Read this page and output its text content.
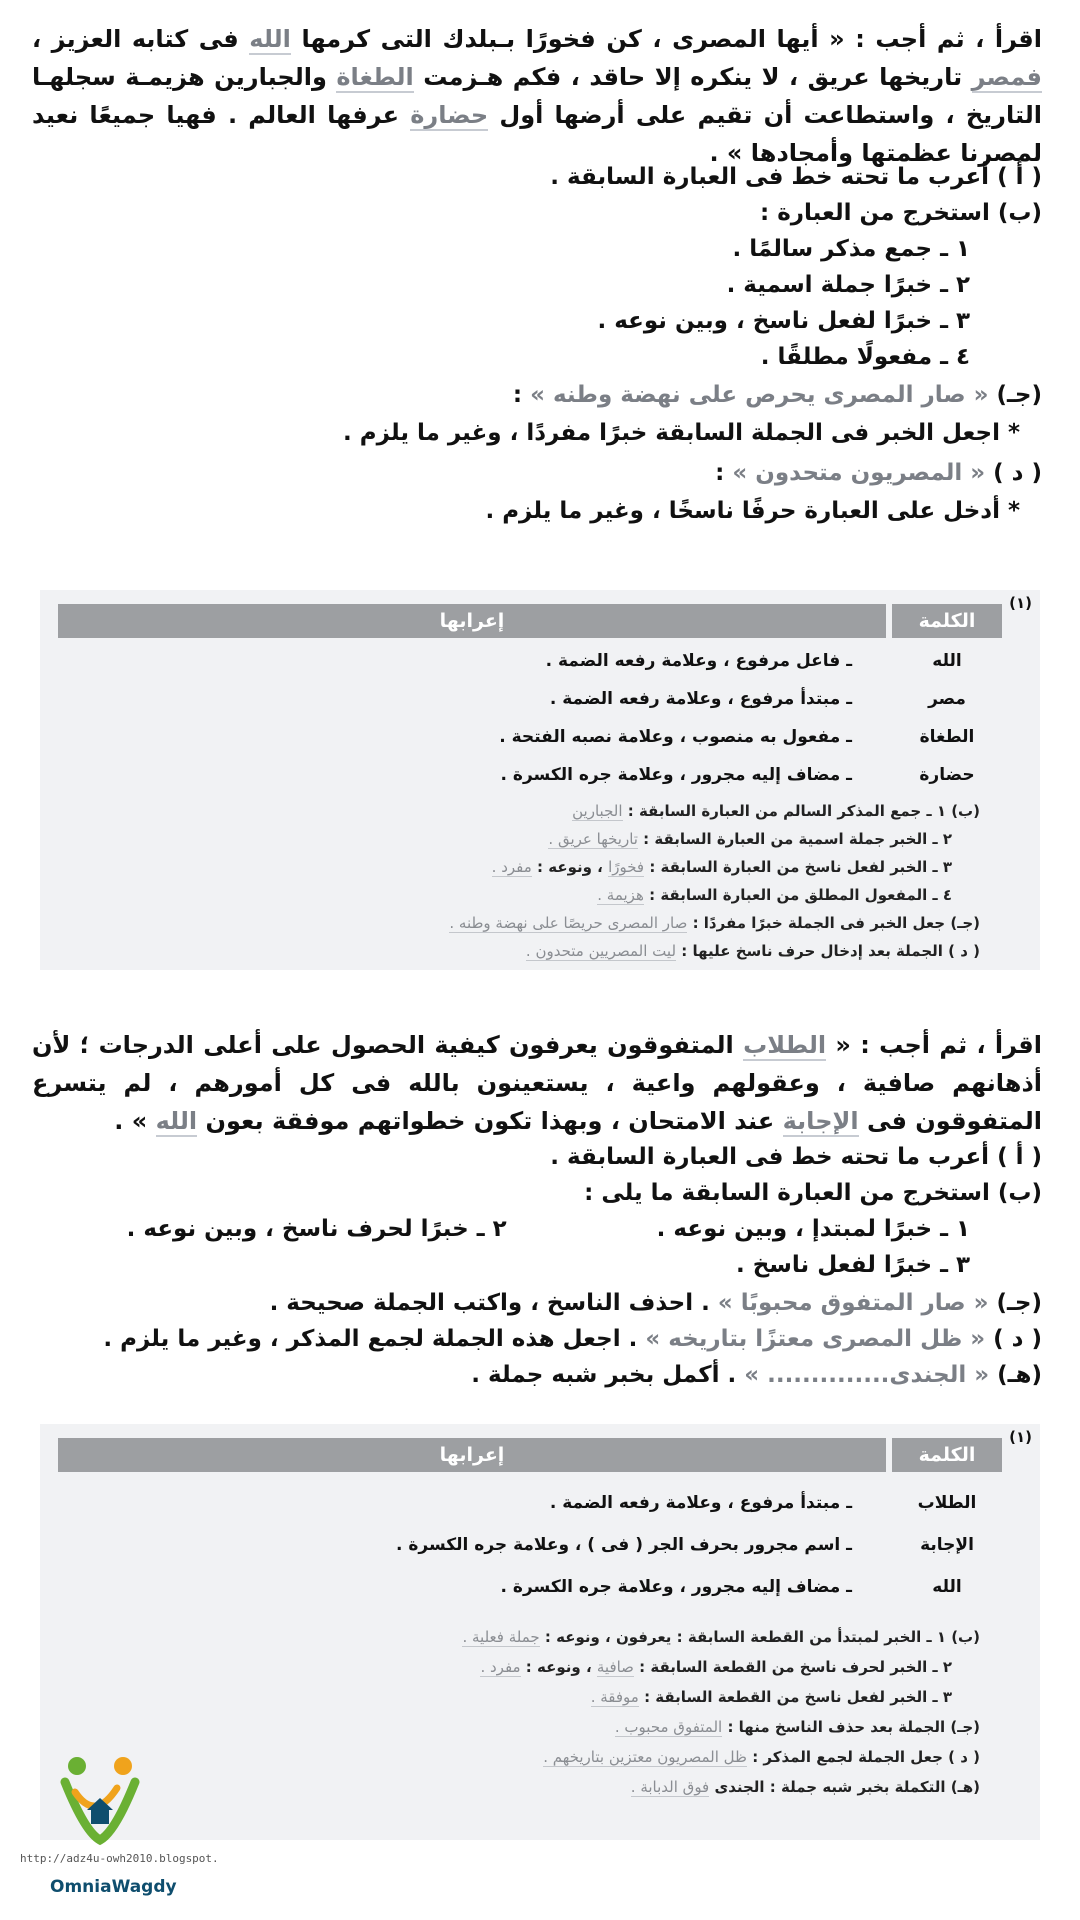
اقرأ ، ثم أجب : « أيها المصرى ، كن فخورًا بـبلدك التى كرمها الله فى كتابه العزيز ، فمصر تاريخها عريق ، لا ينكره إلا حاقد ، فكم هـزمت الطغاة والجبارين هزيمـة سجلهـا التاريخ ، واستطاعت أن تقيم على أرضها أول حضارة عرفها العالم . فهيا جميعًا نعيد لمصرنا عظمتها وأمجادها » .
( أ ) أعرب ما تحته خط فى العبارة السابقة .
(ب) استخرج من العبارة :
١ ـ جمع مذكر سالمًا .
٢ ـ خبرًا جملة اسمية .
٣ ـ خبرًا لفعل ناسخ ، وبين نوعه .
٤ ـ مفعولًا مطلقًا .
(جـ) « صار المصرى يحرص على نهضة وطنه » :
* اجعل الخبر فى الجملة السابقة خبرًا مفردًا ، وغير ما يلزم .
( د ) « المصريون متحدون » :
* أدخل على العبارة حرفًا ناسخًا ، وغير ما يلزم .
(١)
الكلمة
إعرابها
الله
ـ فاعل مرفوع ، وعلامة رفعه الضمة .
مصر
ـ مبتدأ مرفوع ، وعلامة رفعه الضمة .
الطغاة
ـ مفعول به منصوب ، وعلامة نصبه الفتحة .
حضارة
ـ مضاف إليه مجرور ، وعلامة جره الكسرة .
(ب) ١ ـ جمع المذكر السالم من العبارة السابقة : الجبارين
٢ ـ الخبر جملة اسمية من العبارة السابقة : تاريخها عريق .
٣ ـ الخبر لفعل ناسخ من العبارة السابقة : فخورًا ، ونوعه : مفرد .
٤ ـ المفعول المطلق من العبارة السابقة : هزيمة .
(جـ) جعل الخبر فى الجملة خبرًا مفردًا : صار المصرى حريصًا على نهضة وطنه .
( د ) الجملة بعد إدخال حرف ناسخ عليها : ليت المصريين متحدون .
اقرأ ، ثم أجب : « الطلاب المتفوقون يعرفون كيفية الحصول على أعلى الدرجات ؛ لأن أذهانهم صافية ، وعقولهم واعية ، يستعينون بالله فى كل أمورهم ، لم يتسرع المتفوقون فى الإجابة عند الامتحان ، وبهذا تكون خطواتهم موفقة بعون الله » .
( أ ) أعرب ما تحته خط فى العبارة السابقة .
(ب) استخرج من العبارة السابقة ما يلى :
١ ـ خبرًا لمبتدإ ، وبين نوعه .٢ ـ خبرًا لحرف ناسخ ، وبين نوعه .
٣ ـ خبرًا لفعل ناسخ .
(جـ) « صار المتفوق محبوبًا » . احذف الناسخ ، واكتب الجملة صحيحة .
( د ) « ظل المصرى معتزًا بتاريخه » . اجعل هذه الجملة لجمع المذكر ، وغير ما يلزم .
(هـ) « الجندى.............. » . أكمل بخبر شبه جملة .
(١)
الكلمة
إعرابها
الطلاب
ـ مبتدأ مرفوع ، وعلامة رفعه الضمة .
الإجابة
ـ اسم مجرور بحرف الجر ( فى ) ، وعلامة جره الكسرة .
الله
ـ مضاف إليه مجرور ، وعلامة جره الكسرة .
(ب) ١ ـ الخبر لمبتدأ من القطعة السابقة : يعرفون ، ونوعه : جملة فعلية .
٢ ـ الخبر لحرف ناسخ من القطعة السابقة : صافية ، ونوعه : مفرد .
٣ ـ الخبر لفعل ناسخ من القطعة السابقة : موفقة .
(جـ) الجملة بعد حذف الناسخ منها : المتفوق محبوب .
( د ) جعل الجملة لجمع المذكر : ظل المصريون معتزين بتاريخهم .
(هـ) التكملة بخبر شبه جملة : الجندى فوق الدبابة .
http://adz4u-owh2010.blogspot.
OmniaWagdy
